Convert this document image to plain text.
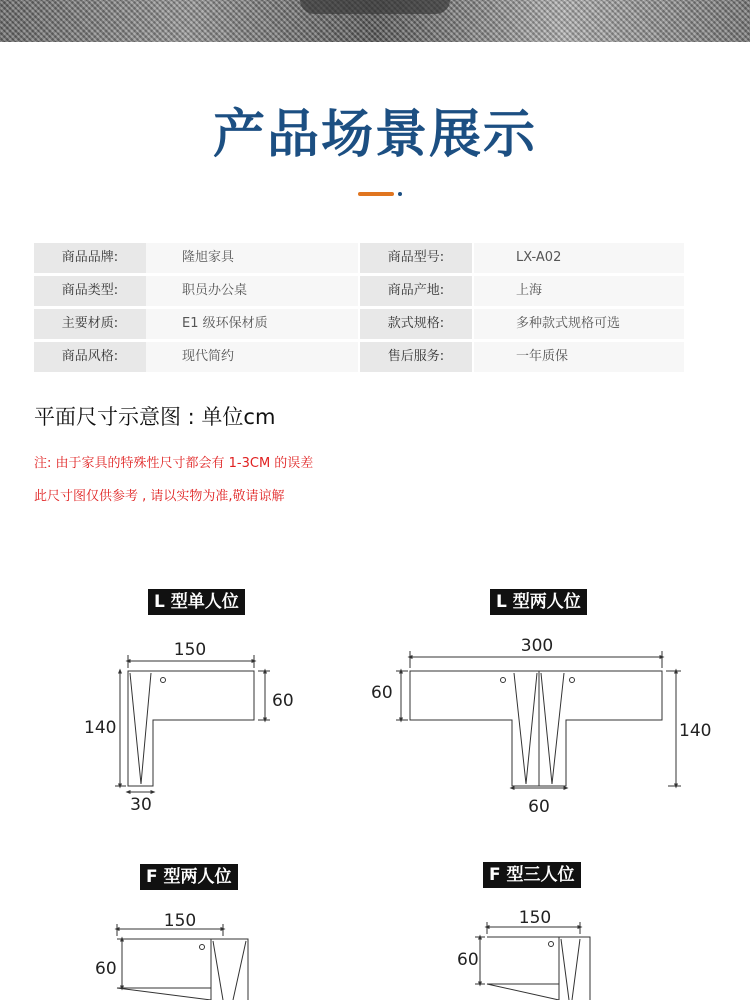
产品场景展示
商品品牌:	隆旭家具	商品型号:	LX-A02
商品类型:	职员办公桌	商品产地:	上海
主要材质:	E1 级环保材质	款式规格:	多种款式规格可选
商品风格:	现代简约	售后服务:	一年质保
平面尺寸示意图 : 单位cm
注: 由于家具的特殊性尺寸都会有 1-3CM 的误差
此尺寸图仅供参考 , 请以实物为准,敬请谅解
L 型单人位	L 型两人位
F 型两人位	F 型三人位
150
60
140
30
300
60
140
60
150
60
150
60
